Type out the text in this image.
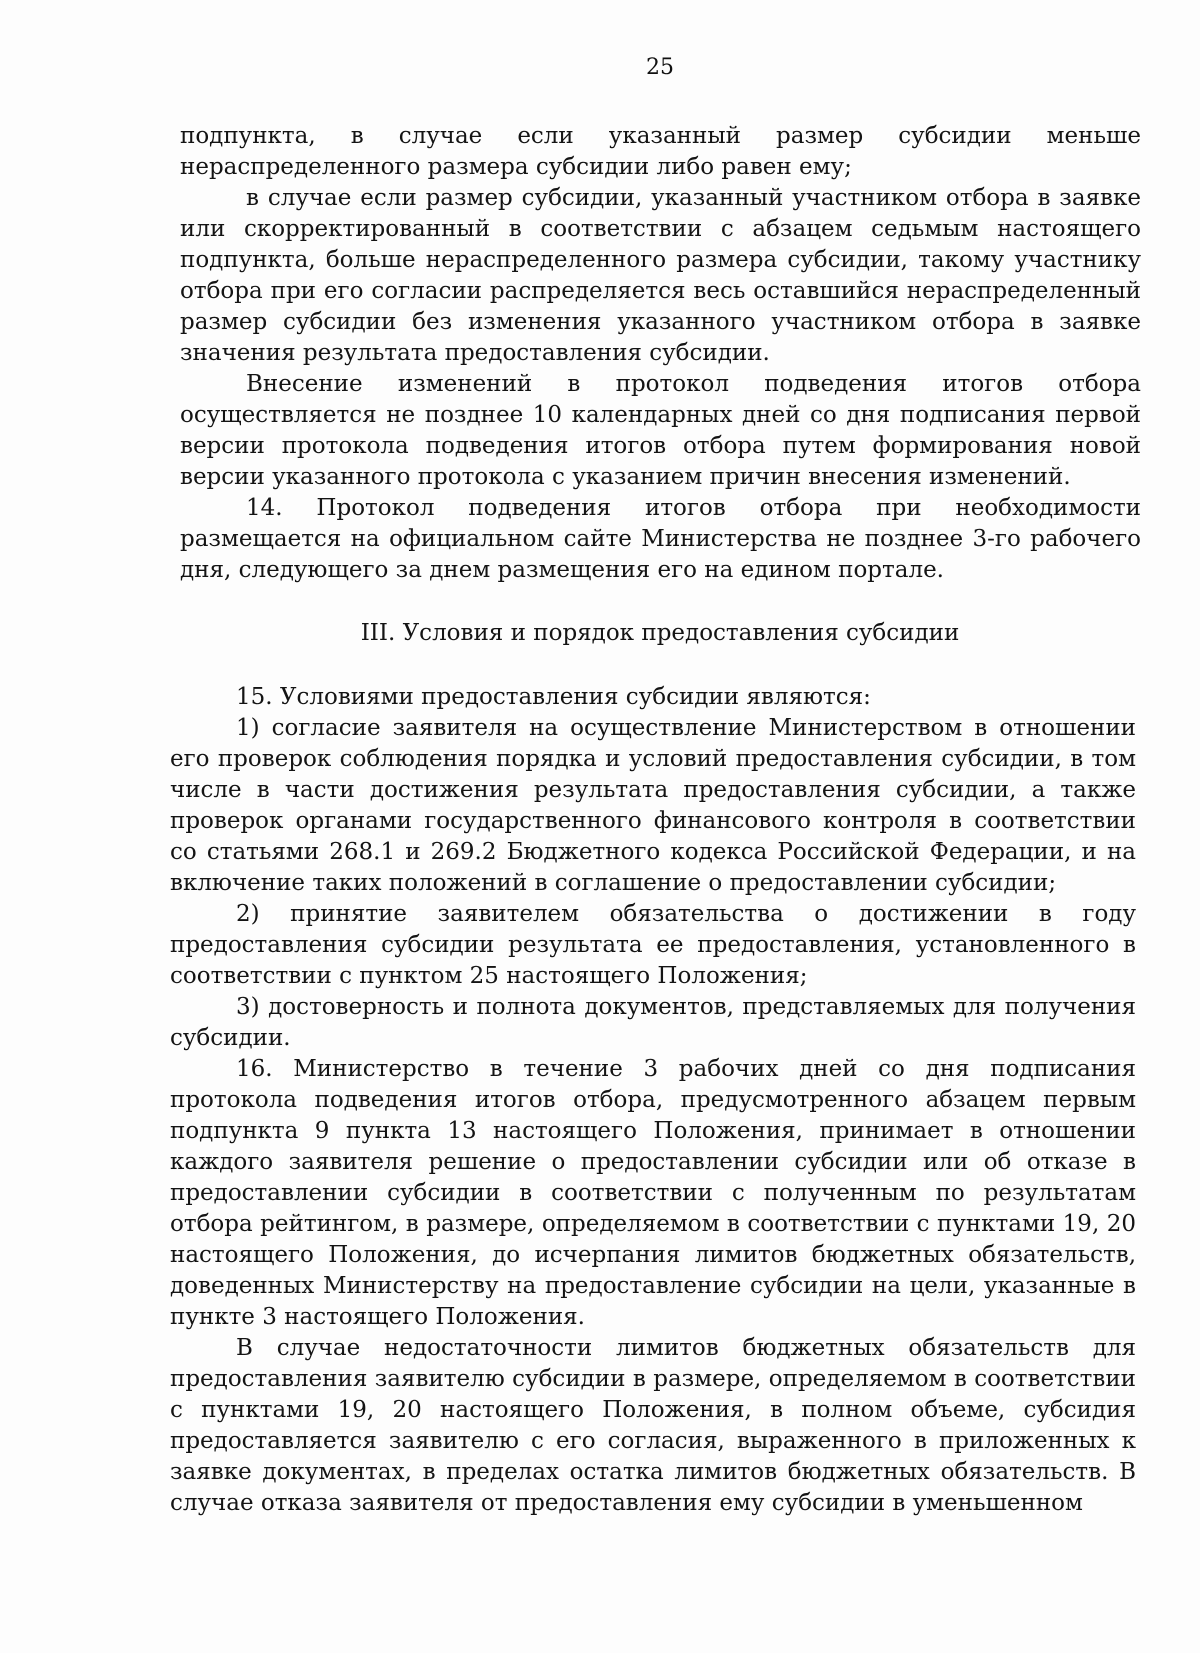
25

подпункта, в случае если указанный размер субсидии меньше нераспределенного размера субсидии либо равен ему;

в случае если размер субсидии, указанный участником отбора в заявке или скорректированный в соответствии с абзацем седьмым настоящего подпункта, больше нераспределенного размера субсидии, такому участнику отбора при его согласии распределяется весь оставшийся нераспределенный размер субсидии без изменения указанного участником отбора в заявке значения результата предоставления субсидии.

Внесение изменений в протокол подведения итогов отбора осуществляется не позднее 10 календарных дней со дня подписания первой версии протокола подведения итогов отбора путем формирования новой версии указанного протокола с указанием причин внесения изменений.

14. Протокол подведения итогов отбора при необходимости размещается на официальном сайте Министерства не позднее 3-го рабочего дня, следующего за днем размещения его на едином портале.

III. Условия и порядок предоставления субсидии

15. Условиями предоставления субсидии являются:

1) согласие заявителя на осуществление Министерством в отношении его проверок соблюдения порядка и условий предоставления субсидии, в том числе в части достижения результата предоставления субсидии, а также проверок органами государственного финансового контроля в соответствии со статьями 268.1 и 269.2 Бюджетного кодекса Российской Федерации, и на включение таких положений в соглашение о предоставлении субсидии;

2) принятие заявителем обязательства о достижении в году предоставления субсидии результата ее предоставления, установленного в соответствии с пунктом 25 настоящего Положения;

3) достоверность и полнота документов, представляемых для получения субсидии.

16. Министерство в течение 3 рабочих дней со дня подписания протокола подведения итогов отбора, предусмотренного абзацем первым подпункта 9 пункта 13 настоящего Положения, принимает в отношении каждого заявителя решение о предоставлении субсидии или об отказе в предоставлении субсидии в соответствии с полученным по результатам отбора рейтингом, в размере, определяемом в соответствии с пунктами 19, 20 настоящего Положения, до исчерпания лимитов бюджетных обязательств, доведенных Министерству на предоставление субсидии на цели, указанные в пункте 3 настоящего Положения.

В случае недостаточности лимитов бюджетных обязательств для предоставления заявителю субсидии в размере, определяемом в соответствии с пунктами 19, 20 настоящего Положения, в полном объеме, субсидия предоставляется заявителю с его согласия, выраженного в приложенных к заявке документах, в пределах остатка лимитов бюджетных обязательств. В случае отказа заявителя от предоставления ему субсидии в уменьшенном
